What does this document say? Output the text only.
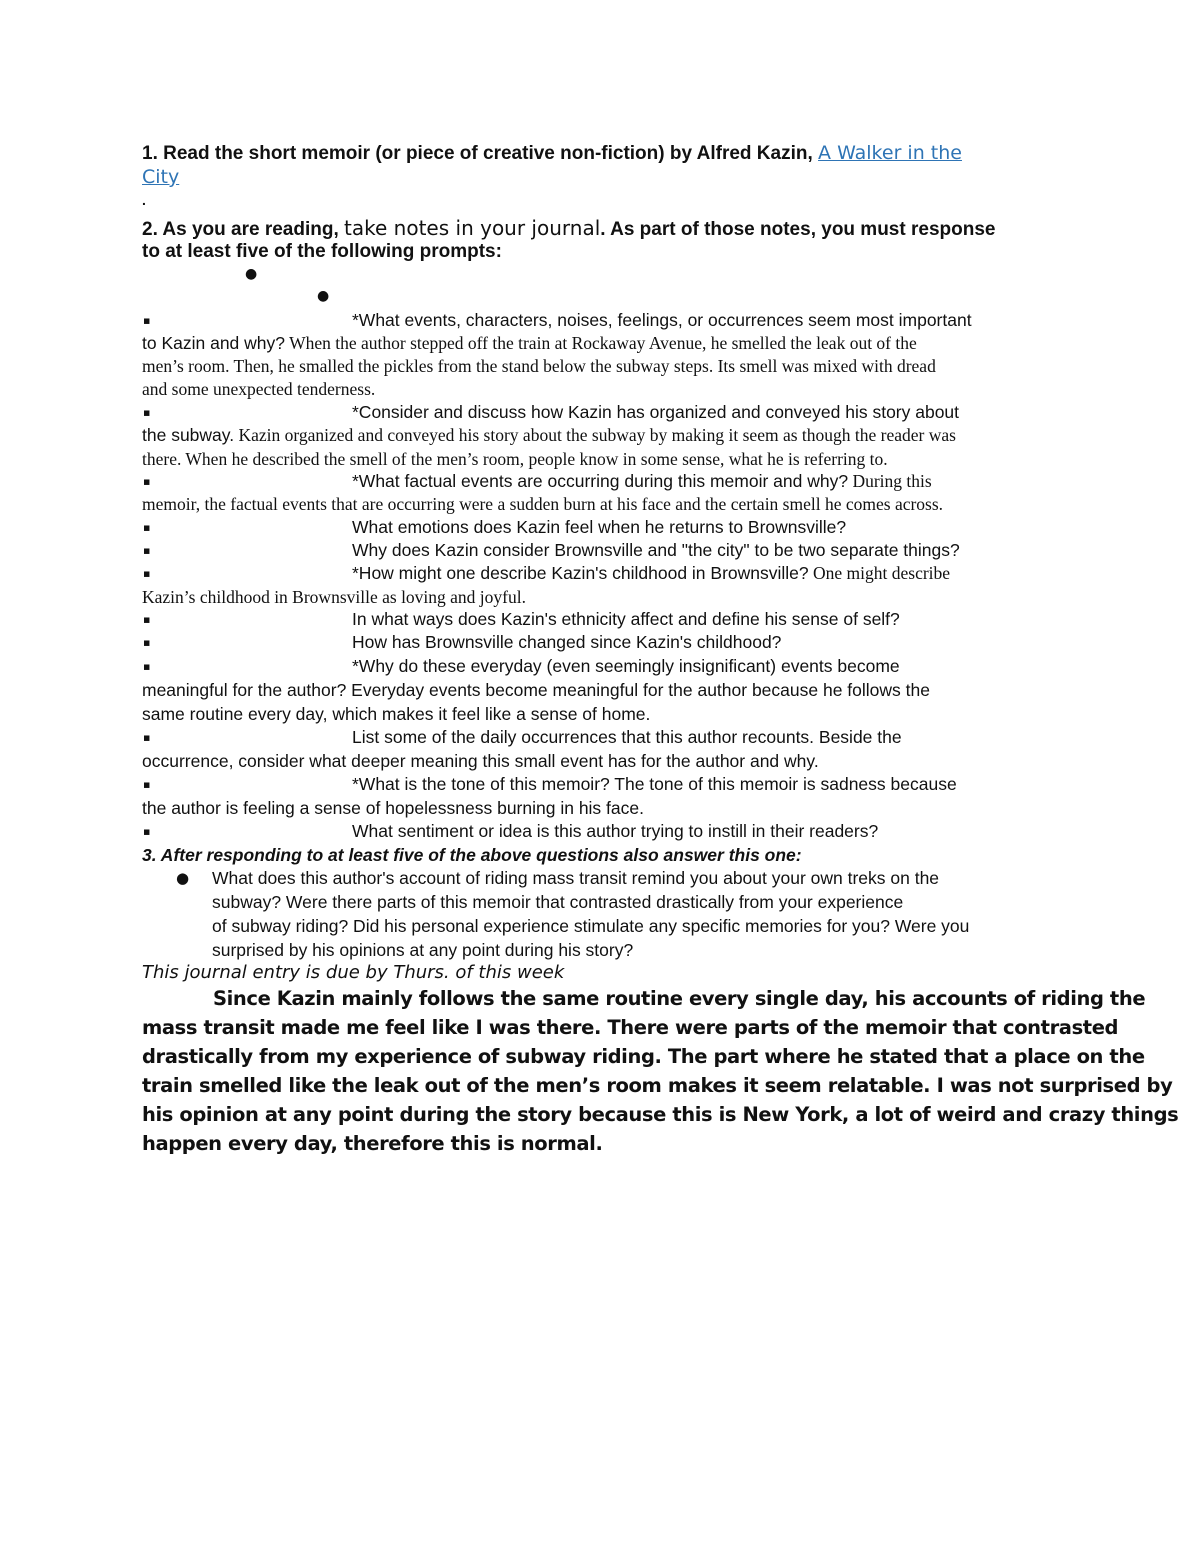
1. Read the short memoir (or piece of creative non-fiction) by Alfred Kazin, A Walker in the
City
.
2. As you are reading, take notes in your journal. As part of those notes, you must response
to at least five of the following prompts:
●
●
▪	*What events, characters, noises, feelings, or occurrences seem most important
to Kazin and why? When the author stepped off the train at Rockaway Avenue, he smelled the leak out of the
men’s room. Then, he smalled the pickles from the stand below the subway steps. Its smell was mixed with dread
and some unexpected tenderness.
▪	*Consider and discuss how Kazin has organized and conveyed his story about
the subway. Kazin organized and conveyed his story about the subway by making it seem as though the reader was
there. When he described the smell of the men’s room, people know in some sense, what he is referring to.
▪	*What factual events are occurring during this memoir and why? During this
memoir, the factual events that are occurring were a sudden burn at his face and the certain smell he comes across.
▪	What emotions does Kazin feel when he returns to Brownsville?
▪	Why does Kazin consider Brownsville and "the city" to be two separate things?
▪	*How might one describe Kazin's childhood in Brownsville? One might describe
Kazin’s childhood in Brownsville as loving and joyful.
▪	In what ways does Kazin's ethnicity affect and define his sense of self?
▪	How has Brownsville changed since Kazin's childhood?
▪	*Why do these everyday (even seemingly insignificant) events become
meaningful for the author? Everyday events become meaningful for the author because he follows the
same routine every day, which makes it feel like a sense of home.
▪	List some of the daily occurrences that this author recounts. Beside the
occurrence, consider what deeper meaning this small event has for the author and why.
▪	*What is the tone of this memoir? The tone of this memoir is sadness because
the author is feeling a sense of hopelessness burning in his face.
▪	What sentiment or idea is this author trying to instill in their readers?
3. After responding to at least five of the above questions also answer this one:
● What does this author's account of riding mass transit remind you about your own treks on the
subway? Were there parts of this memoir that contrasted drastically from your experience
of subway riding? Did his personal experience stimulate any specific memories for you? Were you
surprised by his opinions at any point during his story?
This journal entry is due by Thurs. of this week
Since Kazin mainly follows the same routine every single day, his accounts of riding the
mass transit made me feel like I was there. There were parts of the memoir that contrasted
drastically from my experience of subway riding. The part where he stated that a place on the
train smelled like the leak out of the men’s room makes it seem relatable. I was not surprised by
his opinion at any point during the story because this is New York, a lot of weird and crazy things
happen every day, therefore this is normal.
